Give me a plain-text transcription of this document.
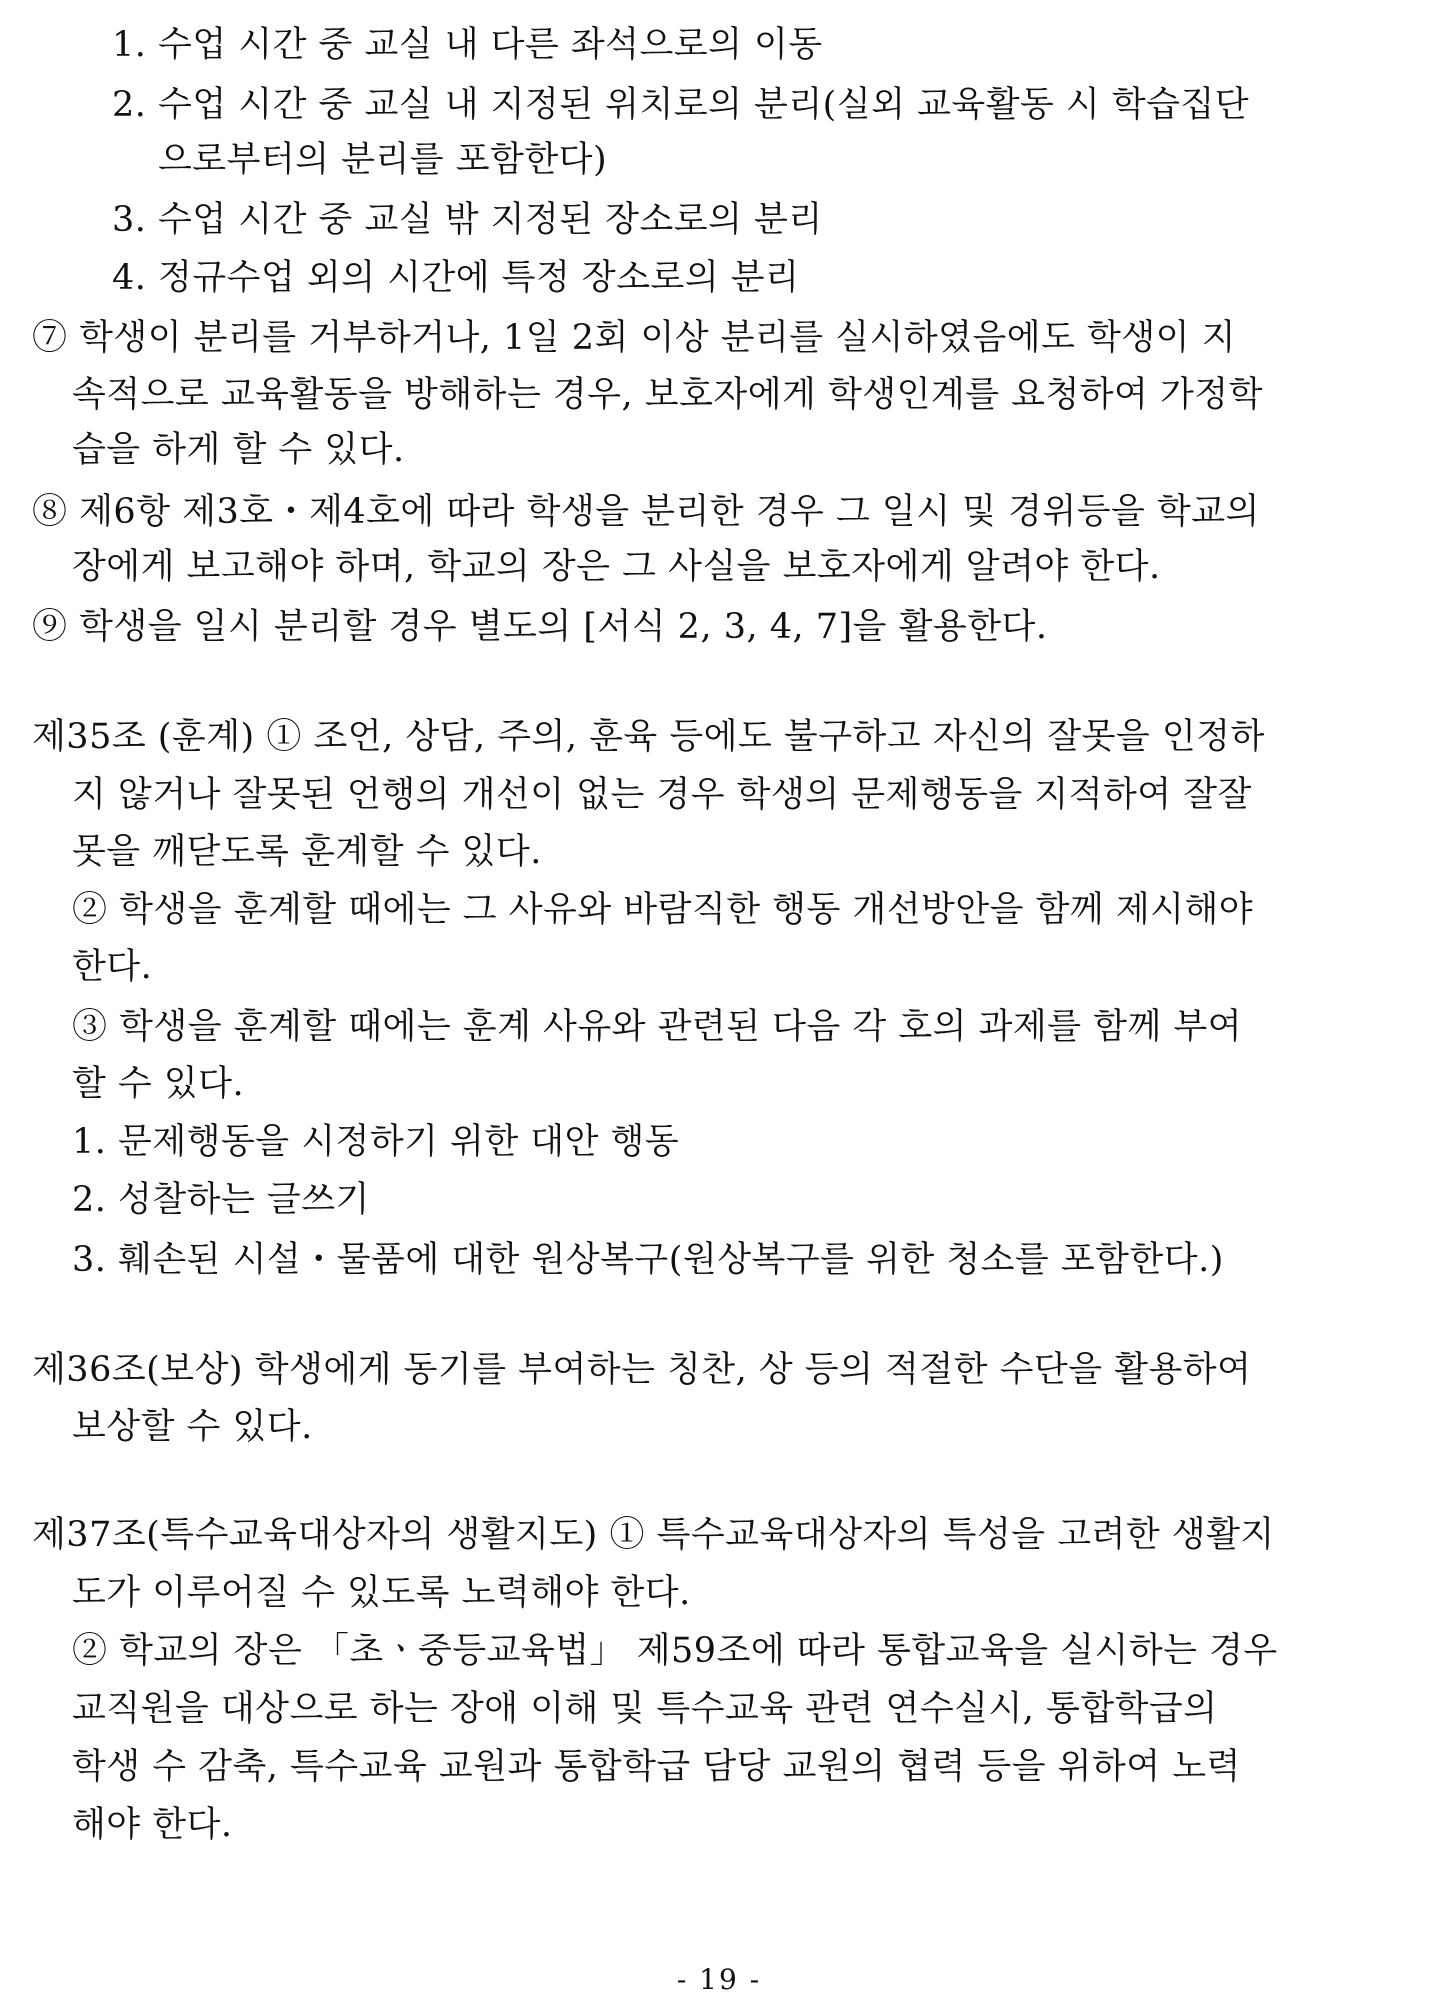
1. 수업 시간 중 교실 내 다른 좌석으로의 이동
2. 수업 시간 중 교실 내 지정된 위치로의 분리(실외 교육활동 시 학습집단
으로부터의 분리를 포함한다)
3. 수업 시간 중 교실 밖 지정된 장소로의 분리
4. 정규수업 외의 시간에 특정 장소로의 분리
⑦ 학생이 분리를 거부하거나, 1일 2회 이상 분리를 실시하였음에도 학생이 지
속적으로 교육활동을 방해하는 경우, 보호자에게 학생인계를 요청하여 가정학
습을 하게 할 수 있다.
⑧ 제6항 제3호・제4호에 따라 학생을 분리한 경우 그 일시 및 경위등을 학교의
장에게 보고해야 하며, 학교의 장은 그 사실을 보호자에게 알려야 한다.
⑨ 학생을 일시 분리할 경우 별도의 [서식 2, 3, 4, 7]을 활용한다.
제35조 (훈계) ① 조언, 상담, 주의, 훈육 등에도 불구하고 자신의 잘못을 인정하
지 않거나 잘못된 언행의 개선이 없는 경우 학생의 문제행동을 지적하여 잘잘
못을 깨닫도록 훈계할 수 있다.
② 학생을 훈계할 때에는 그 사유와 바람직한 행동 개선방안을 함께 제시해야
한다.
③ 학생을 훈계할 때에는 훈계 사유와 관련된 다음 각 호의 과제를 함께 부여
할 수 있다.
1. 문제행동을 시정하기 위한 대안 행동
2. 성찰하는 글쓰기
3. 훼손된 시설・물품에 대한 원상복구(원상복구를 위한 청소를 포함한다.)
제36조(보상) 학생에게 동기를 부여하는 칭찬, 상 등의 적절한 수단을 활용하여
보상할 수 있다.
제37조(특수교육대상자의 생활지도) ① 특수교육대상자의 특성을 고려한 생활지
도가 이루어질 수 있도록 노력해야 한다.
② 학교의 장은 「초ㆍ중등교육법」 제59조에 따라 통합교육을 실시하는 경우
교직원을 대상으로 하는 장애 이해 및 특수교육 관련 연수실시, 통합학급의
학생 수 감축, 특수교육 교원과 통합학급 담당 교원의 협력 등을 위하여 노력
해야 한다.
- 19 -
